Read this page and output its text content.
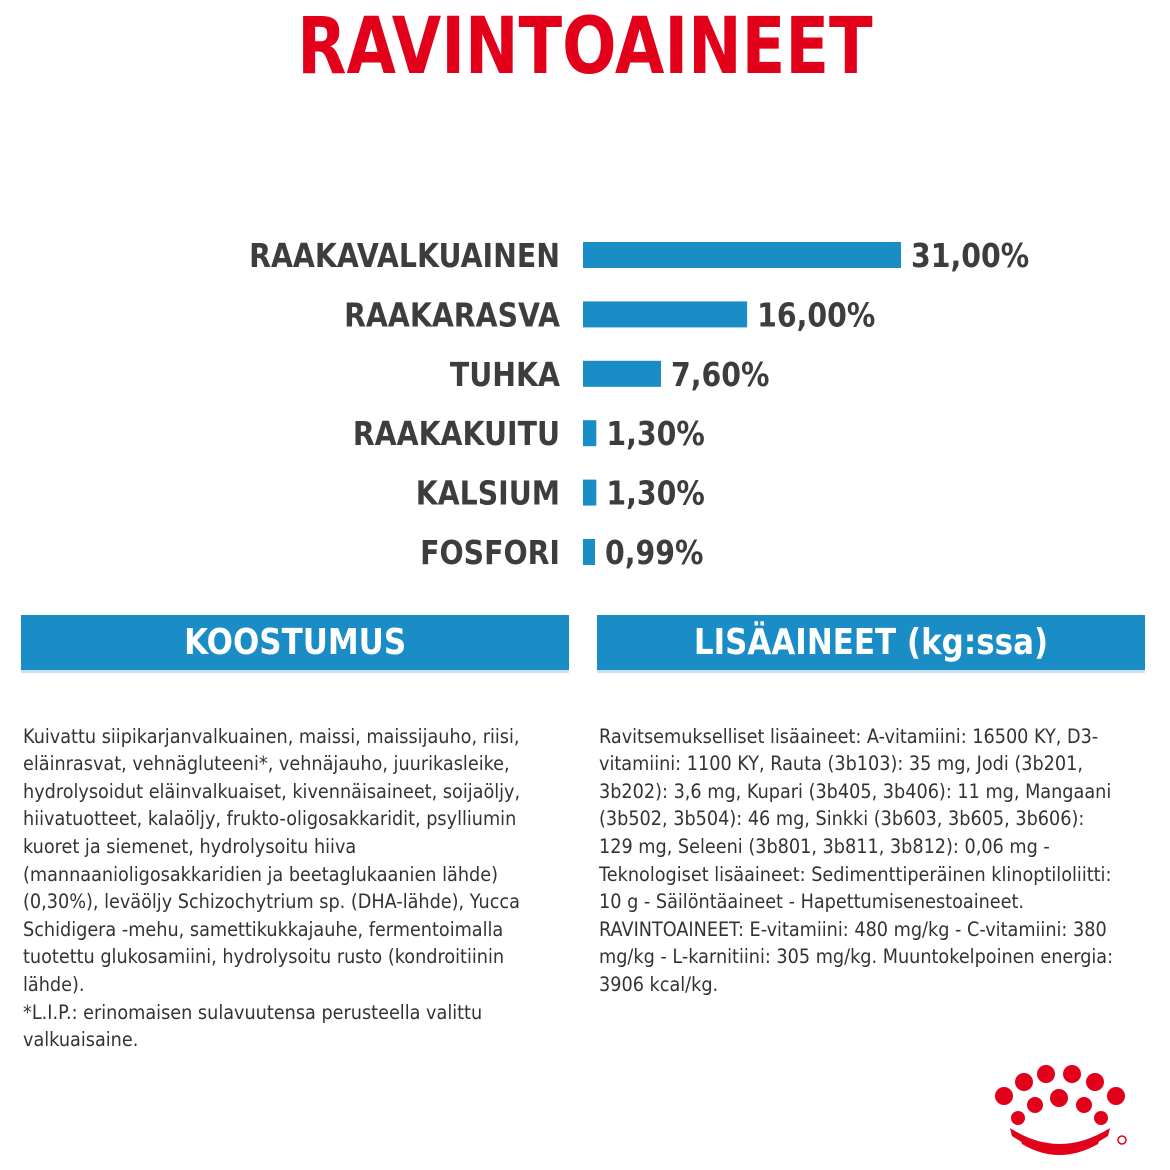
RAVINTOAINEET
RAAKAVALKUAINEN	31,00%
RAAKARASVA	16,00%
TUHKA	7,60%
RAAKAKUITU 1,30%
KALSIUM 1,30%
FOSFORI 0,99%
KOOSTUMUS

Kuivattu siipikarjanvalkuainen, maissi, maissijauho, riisi, eläinrasvat, vehnägluteeni*, vehnäjauho, juurikasleike, hydrolysoidut eläinvalkuaiset, kivennäisaineet, soijaöljy, hiivatuotteet, kalaöljy, frukto-oligosakkaridit, psylliumin kuoret ja siemenet, hydrolysoitu hiiva (mannaanioligosakkaridien ja beetaglukaanien lähde) (0,30%), leväöljy Schizochytrium sp. (DHA-lähde), Yucca Schidigera -mehu, samettikukkajauhe, fermentoimalla tuotettu glukosamiini, hydrolysoitu rusto (kondroitiinin lähde).
*L.I.P.: erinomaisen sulavuutensa perusteella valittu valkuaisaine.

LISÄAINEET (kg:ssa)

Ravitsemukselliset lisäaineet: A-vitamiini: 16500 KY, D3-vitamiini: 1100 KY, Rauta (3b103): 35 mg, Jodi (3b201, 3b202): 3,6 mg, Kupari (3b405, 3b406): 11 mg, Mangaani (3b502, 3b504): 46 mg, Sinkki (3b603, 3b605, 3b606): 129 mg, Seleeni (3b801, 3b811, 3b812): 0,06 mg - Teknologiset lisäaineet: Sedimenttiperäinen klinoptiloliitti: 10 g - Säilöntäaineet - Hapettumisenestoaineet. RAVINTOAINEET: E-vitamiini: 480 mg/kg - C-vitamiini: 380 mg/kg - L-karnitiini: 305 mg/kg. Muuntokelpoinen energia: 3906 kcal/kg.
